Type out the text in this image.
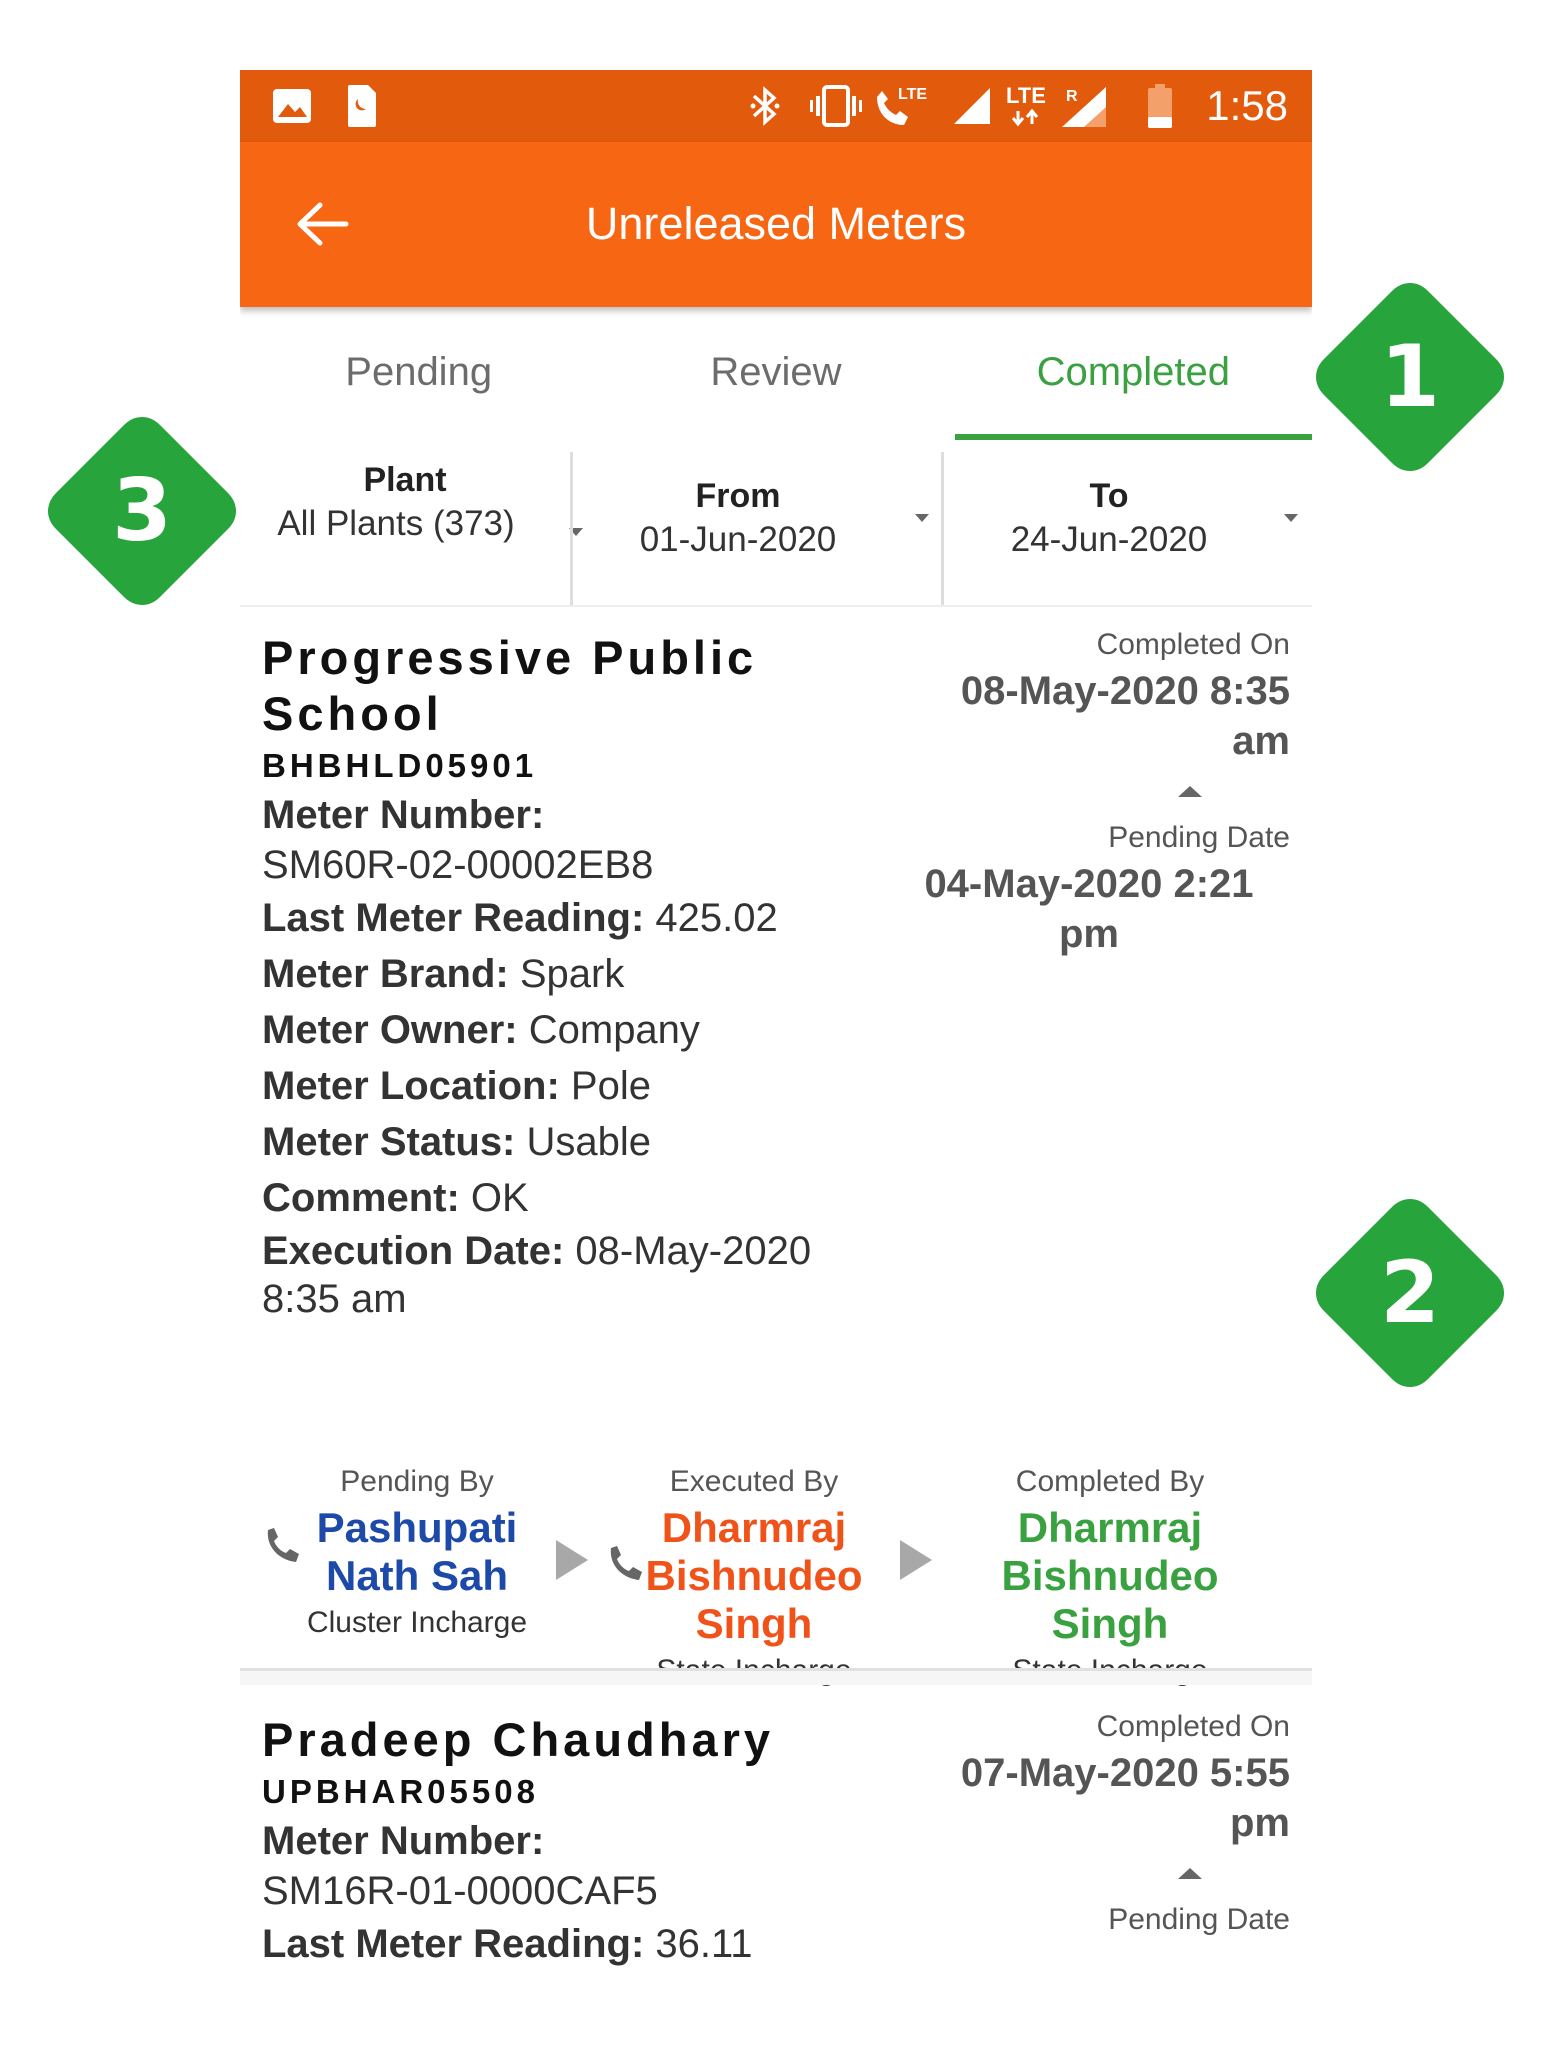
LTE	LTE R	1:58
Unreleased Meters
Pending	Review	Completed
Plant
All Plants (373)
From
01-Jun-2020
To
24-Jun-2020
Progressive Public
School
BHBHLD05901
Meter Number:
SM60R-02-00002EB8
Last Meter Reading: 425.02
Meter Brand: Spark
Meter Owner: Company
Meter Location: Pole
Meter Status: Usable
Comment: OK
Execution Date: 08-May-2020
8:35 am
Completed On
08-May-2020 8:35
am
Pending Date
04-May-2020 2:21
pm
Pending By
Pashupati
Nath Sah
Cluster Incharge
Executed By
Dharmraj
Bishnudeo
Singh
Completed By
Dharmraj
Bishnudeo Singh
Pradeep Chaudhary
UPBHAR05508
Meter Number:
SM16R-01-0000CAF5
Last Meter Reading: 36.11
Completed On
07-May-2020 5:55
pm
Pending Date
1
2
3
